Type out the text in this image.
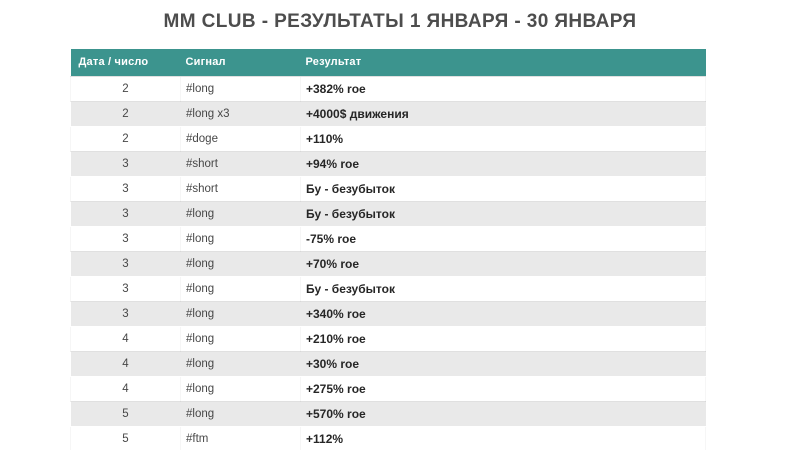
MM CLUB - РЕЗУЛЬТАТЫ 1 ЯНВАРЯ - 30 ЯНВАРЯ
Дата / число	Сигнал	Результат
2	#long	+382% roe
2	#long x3	+4000$ движения
2	#doge	+110%
3	#short	+94% roe
3	#short	Бу - безубыток
3	#long	Бу - безубыток
3	#long	-75% roe
3	#long	+70% roe
3	#long	Бу - безубыток
3	#long	+340% roe
4	#long	+210% roe
4	#long	+30% roe
4	#long	+275% roe
5	#long	+570% roe
5	#ftm	+112%
